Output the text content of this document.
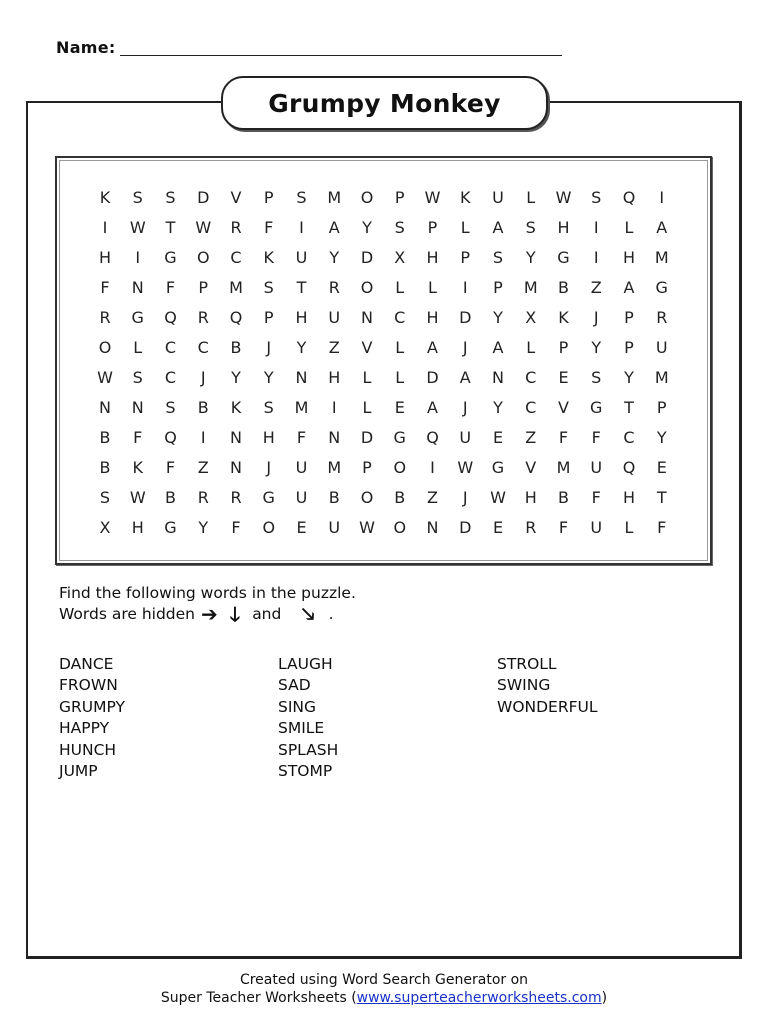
Name:
Grumpy Monkey
K	S	S	D	V	P	S	M	O	P	W	K	U	L	W	S	Q	I
I	W	T	W	R	F	I	A	Y	S	P	L	A	S	H	I	L	A
H	I	G	O	C	K	U	Y	D	X	H	P	S	Y	G	I	H	M
F	N	F	P	M	S	T	R	O	L	L	I	P	M	B	Z	A	G
R	G	Q	R	Q	P	H	U	N	C	H	D	Y	X	K	J	P	R
O	L	C	C	B	J	Y	Z	V	L	A	J	A	L	P	Y	P	U
W	S	C	J	Y	Y	N	H	L	L	D	A	N	C	E	S	Y	M
N	N	S	B	K	S	M	I	L	E	A	J	Y	C	V	G	T	P
B	F	Q	I	N	H	F	N	D	G	Q	U	E	Z	F	F	C	Y
B	K	F	Z	N	J	U	M	P	O	I	W	G	V	M	U	Q	E
S	W	B	R	R	G	U	B	O	B	Z	J	W	H	B	F	H	T
X	H	G	Y	F	O	E	U	W	O	N	D	E	R	F	U	L	F
Find the following words in the puzzle.
Words are hidden ➔ 🡓 and 🡖 .
DANCE
FROWN
GRUMPY
HAPPY
HUNCH
JUMP
LAUGH
SAD
SING
SMILE
SPLASH
STOMP
STROLL
SWING
WONDERFUL
Created using Word Search Generator on
Super Teacher Worksheets (www.superteacherworksheets.com)
